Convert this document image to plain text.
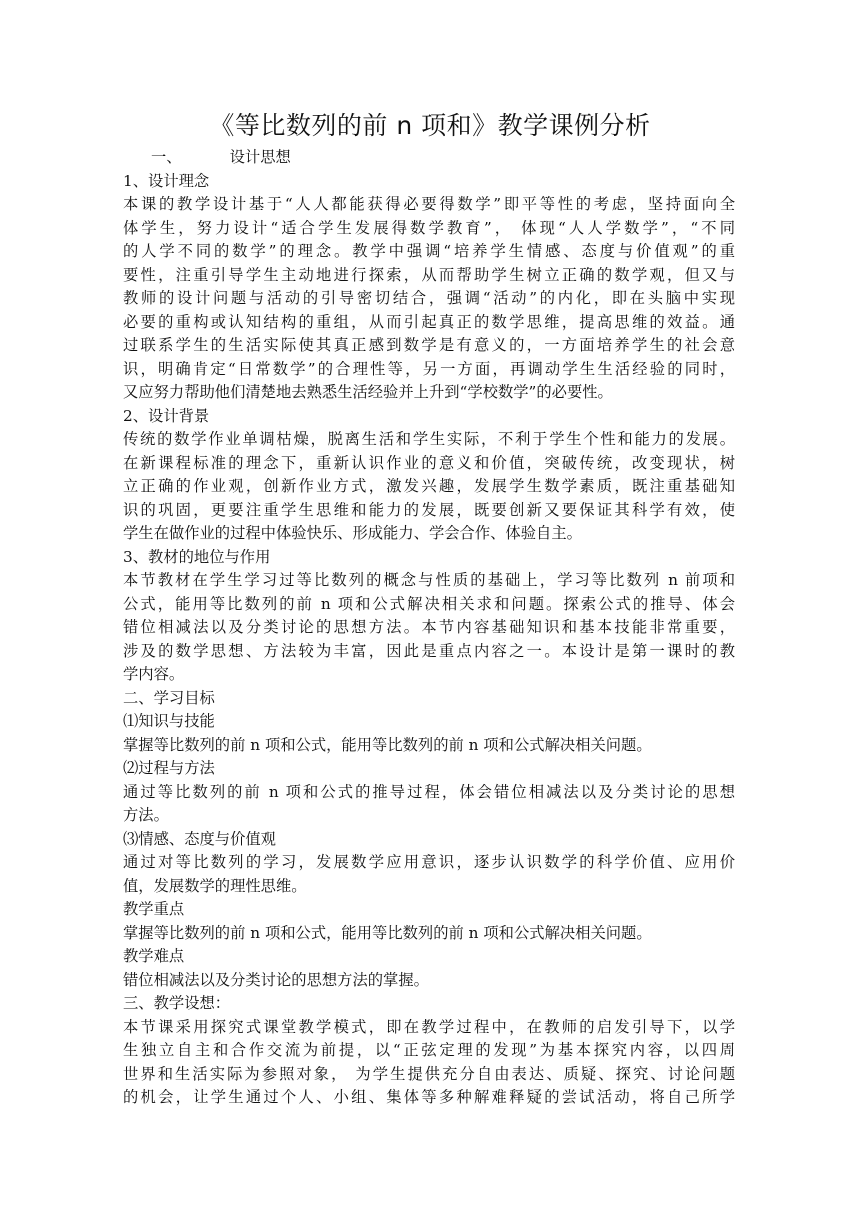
《等比数列的前 n 项和》教学课例分析
一、	设计思想
1、设计理念
本课的教学设计基于“人人都能获得必要得数学”即平等性的考虑，坚持面向全
体学生，努力设计“适合学生发展得数学教育”， 体现“人人学数学”，“不同
的人学不同的数学”的理念。教学中强调“培养学生情感、态度与价值观”的重
要性，注重引导学生主动地进行探索，从而帮助学生树立正确的数学观，但又与
教师的设计问题与活动的引导密切结合，强调“活动”的内化，即在头脑中实现
必要的重构或认知结构的重组，从而引起真正的数学思维，提高思维的效益。通
过联系学生的生活实际使其真正感到数学是有意义的，一方面培养学生的社会意
识，明确肯定“日常数学”的合理性等，另一方面，再调动学生生活经验的同时，
又应努力帮助他们清楚地去熟悉生活经验并上升到“学校数学”的必要性。
2、设计背景
传统的数学作业单调枯燥，脱离生活和学生实际，不利于学生个性和能力的发展。
在新课程标准的理念下，重新认识作业的意义和价值，突破传统，改变现状，树
立正确的作业观，创新作业方式，激发兴趣，发展学生数学素质，既注重基础知
识的巩固，更要注重学生思维和能力的发展，既要创新又要保证其科学有效，使
学生在做作业的过程中体验快乐、形成能力、学会合作、体验自主。
3、教材的地位与作用
本节教材在学生学习过等比数列的概念与性质的基础上，学习等比数列 n 前项和
公式，能用等比数列的前 n 项和公式解决相关求和问题。探索公式的推导、体会
错位相减法以及分类讨论的思想方法。本节内容基础知识和基本技能非常重要，
涉及的数学思想、方法较为丰富，因此是重点内容之一。本设计是第一课时的教
学内容。
二、学习目标
⑴知识与技能
掌握等比数列的前 n 项和公式，能用等比数列的前 n 项和公式解决相关问题。
⑵过程与方法
通过等比数列的前 n 项和公式的推导过程，体会错位相减法以及分类讨论的思想
方法。
⑶情感、态度与价值观
通过对等比数列的学习，发展数学应用意识，逐步认识数学的科学价值、应用价
值，发展数学的理性思维。
教学重点
掌握等比数列的前 n 项和公式，能用等比数列的前 n 项和公式解决相关问题。
教学难点
错位相减法以及分类讨论的思想方法的掌握。
三、教学设想：
本节课采用探究式课堂教学模式，即在教学过程中，在教师的启发引导下，以学
生独立自主和合作交流为前提，以“正弦定理的发现”为基本探究内容，以四周
世界和生活实际为参照对象， 为学生提供充分自由表达、质疑、探究、讨论问题
的机会，让学生通过个人、小组、集体等多种解难释疑的尝试活动，将自己所学
